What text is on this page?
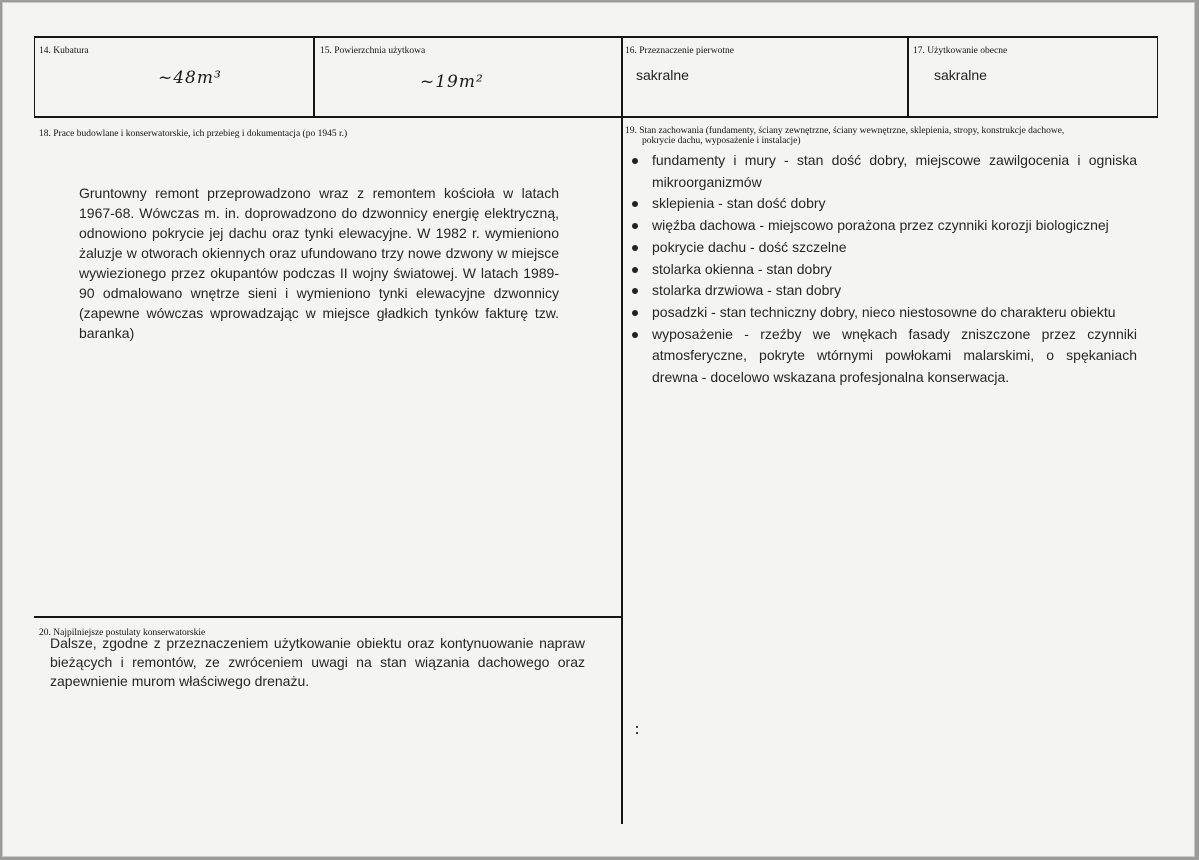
14. Kubatura
~48m³
15. Powierzchnia użytkowa
~19m²
16. Przeznaczenie pierwotne
sakralne
17. Użytkowanie obecne
sakralne
18. Prace budowlane i konserwatorskie, ich przebieg i dokumentacja (po 1945 r.)

Gruntowny remont przeprowadzono wraz z remontem kościoła w latach 1967-68. Wówczas m. in. doprowadzono do dzwonnicy energię elektryczną, odnowiono pokrycie jej dachu oraz tynki elewacyjne. W 1982 r. wymieniono żaluzje w otworach okiennych oraz ufundowano trzy nowe dzwony w miejsce wywiezionego przez okupantów podczas II wojny światowej. W latach 1989-90 odmalowano wnętrze sieni i wymieniono tynki elewacyjne dzwonnicy (zapewne wówczas wprowadzając w miejsce gładkich tynków fakturę tzw. baranka)

19. Stan zachowania (fundamenty, ściany zewnętrzne, ściany wewnętrzne, sklepienia, stropy, konstrukcje dachowe,
pokrycie dachu, wyposażenie i instalacje)
fundamenty i mury - stan dość dobry, miejscowe zawilgocenia i ogniska mikroorganizmów
sklepienia - stan dość dobry
więźba dachowa - miejscowo porażona przez czynniki korozji biologicznej
pokrycie dachu - dość szczelne
stolarka okienna - stan dobry
stolarka drzwiowa - stan dobry
posadzki - stan techniczny dobry, nieco niestosowne do charakteru obiektu
wyposażenie - rzeźby we wnękach fasady zniszczone przez czynniki atmosferyczne, pokryte wtórnymi powłokami malarskimi, o spękaniach drewna - docelowo wskazana profesjonalna konserwacja.
20. Najpilniejsze postulaty konserwatorskie

Dalsze, zgodne z przeznaczeniem użytkowanie obiektu oraz kontynuowanie napraw bieżących i remontów, ze zwróceniem uwagi na stan wiązania dachowego oraz zapewnienie murom właściwego drenażu.
